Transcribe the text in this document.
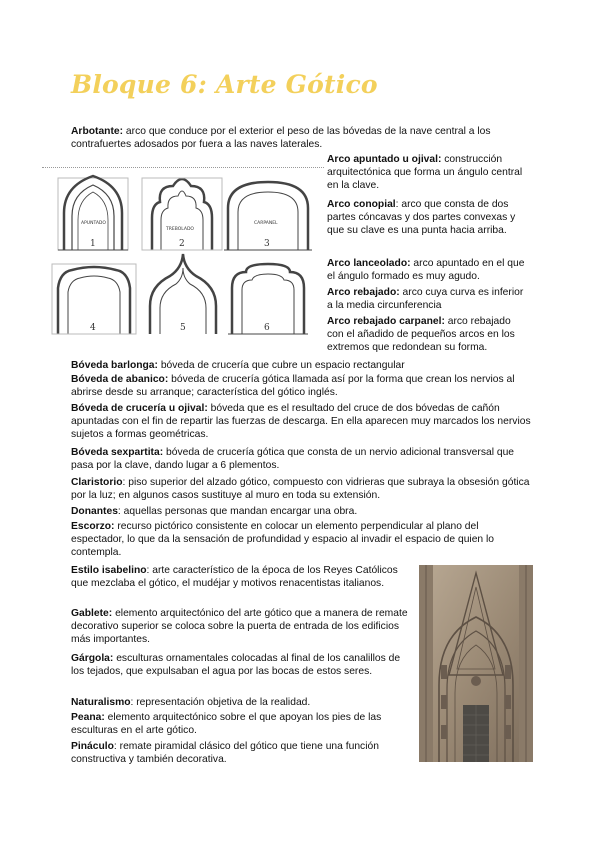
Bloque 6: Arte Gótico
APUNTADO
TREBOLADO
CARPANEL
1	2	3
4	5	6

Arbotante: arco que conduce por el exterior el peso de las bóvedas de la nave central a los contrafuertes adosados por fuera a las naves laterales.

Arco apuntado u ojival: construcción arquitectónica que forma un ángulo central en la clave.

Arco conopial: arco que consta de dos partes cóncavas y dos partes convexas y que su clave es una punta hacia arriba.

Arco lanceolado: arco apuntado en el que el ángulo formado es muy agudo.

Arco rebajado: arco cuya curva es inferior a la media circunferencia

Arco rebajado carpanel: arco rebajado con el añadido de pequeños arcos en los extremos que redondean su forma.

Bóveda barlonga: bóveda de crucería que cubre un espacio rectangular

Bóveda de abanico: bóveda de crucería gótica llamada así por la forma que crean los nervios al abrirse desde su arranque; característica del gótico inglés.

Bóveda de crucería u ojival: bóveda que es el resultado del cruce de dos bóvedas de cañón apuntadas con el fin de repartir las fuerzas de descarga. En ella aparecen muy marcados los nervios sujetos a formas geométricas.

Bóveda sexpartita: bóveda de crucería gótica que consta de un nervio adicional transversal que pasa por la clave, dando lugar a 6 plementos.

Claristorio: piso superior del alzado gótico, compuesto con vidrieras que subraya la obsesión gótica por la luz; en algunos casos sustituye al muro en toda su extensión.

Donantes: aquellas personas que mandan encargar una obra.

Escorzo: recurso pictórico consistente en colocar un elemento perpendicular al plano del espectador, lo que da la sensación de profundidad y espacio al invadir el espacio de quien lo contempla.

Estilo isabelino: arte característico de la época de los Reyes Católicos que mezclaba el gótico, el mudéjar y motivos renacentistas italianos.

Gablete: elemento arquitectónico del arte gótico que a manera de remate decorativo superior se coloca sobre la puerta de entrada de los edificios más importantes.

Gárgola: esculturas ornamentales colocadas al final de los canalillos de los tejados, que expulsaban el agua por las bocas de estos seres.

Naturalismo: representación objetiva de la realidad.

Peana: elemento arquitectónico sobre el que apoyan los pies de las esculturas en el arte gótico.

Pináculo: remate piramidal clásico del gótico que tiene una función constructiva y también decorativa.
